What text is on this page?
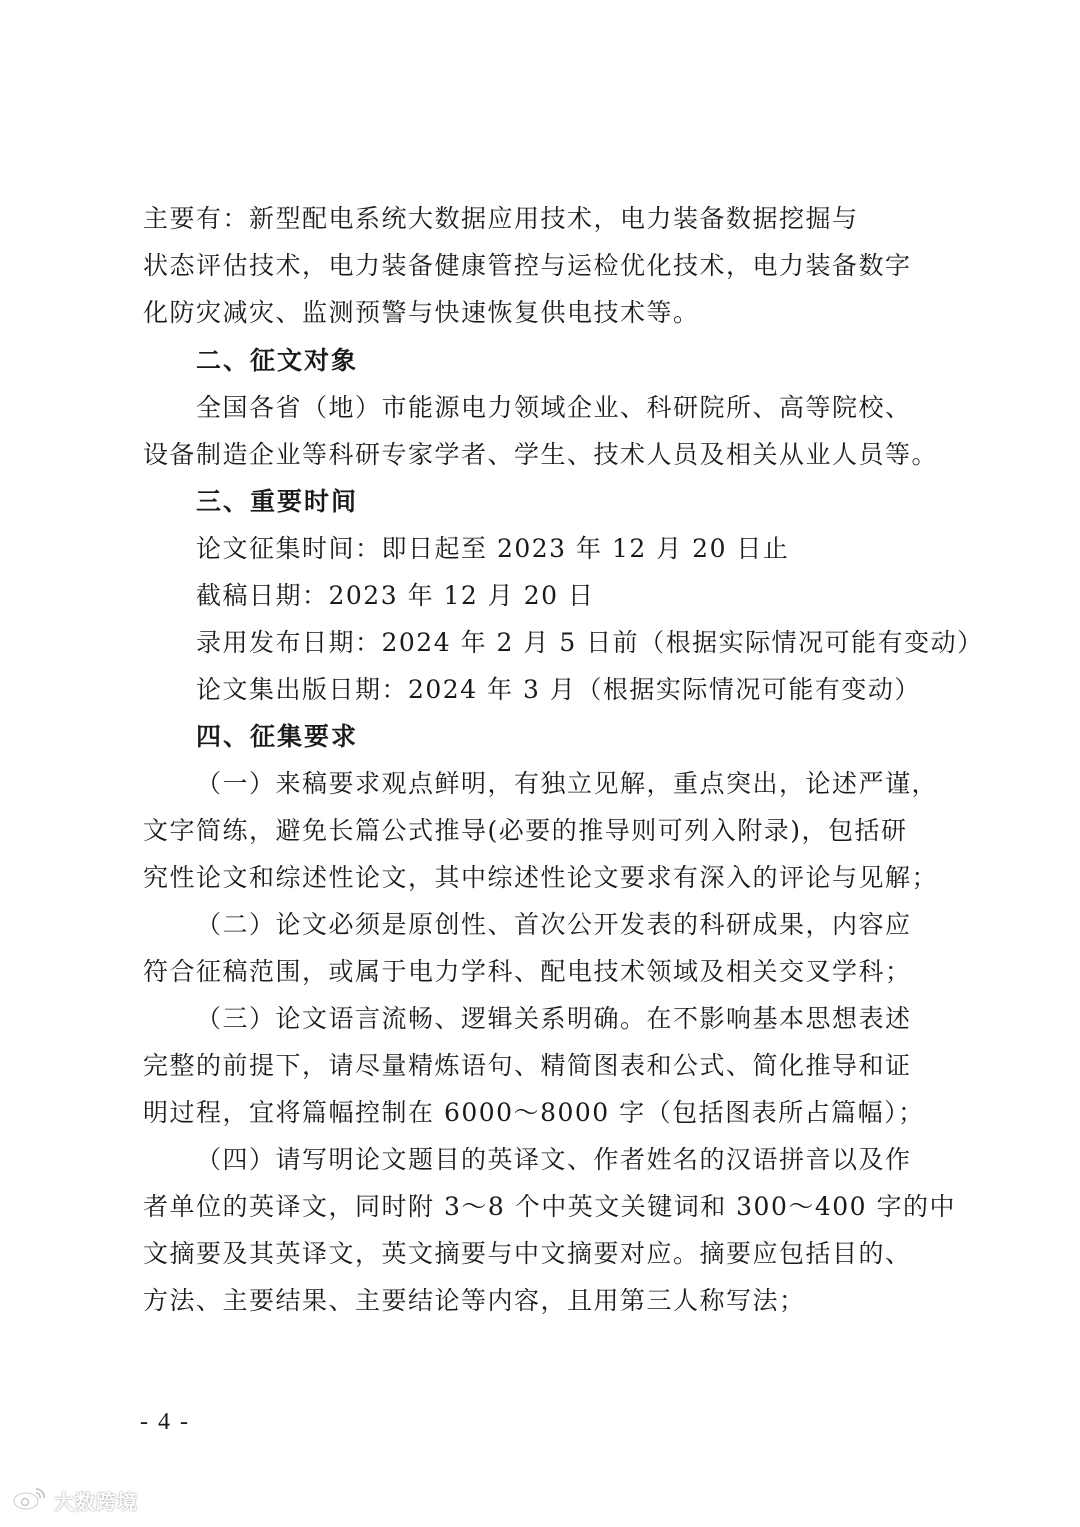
主要有：新型配电系统大数据应用技术，电力装备数据挖掘与
状态评估技术，电力装备健康管控与运检优化技术，电力装备数字
化防灾减灾、监测预警与快速恢复供电技术等。
二、征文对象
全国各省（地）市能源电力领域企业、科研院所、高等院校、
设备制造企业等科研专家学者、学生、技术人员及相关从业人员等。
三、重要时间
论文征集时间：即日起至 2023 年 12 月 20 日止
截稿日期：2023 年 12 月 20 日
录用发布日期：2024 年 2 月 5 日前（根据实际情况可能有变动）
论文集出版日期：2024 年 3 月（根据实际情况可能有变动）
四、征集要求
（一）来稿要求观点鲜明，有独立见解，重点突出，论述严谨，
文字简练，避免长篇公式推导(必要的推导则可列入附录)，包括研
究性论文和综述性论文，其中综述性论文要求有深入的评论与见解；
（二）论文必须是原创性、首次公开发表的科研成果，内容应
符合征稿范围，或属于电力学科、配电技术领域及相关交叉学科；
（三）论文语言流畅、逻辑关系明确。在不影响基本思想表述
完整的前提下，请尽量精炼语句、精简图表和公式、简化推导和证
明过程，宜将篇幅控制在 6000～8000 字（包括图表所占篇幅）；
（四）请写明论文题目的英译文、作者姓名的汉语拼音以及作
者单位的英译文，同时附 3～8 个中英文关键词和 300～400 字的中
文摘要及其英译文，英文摘要与中文摘要对应。摘要应包括目的、
方法、主要结果、主要结论等内容，且用第三人称写法；
- 4 -
大数跨境
